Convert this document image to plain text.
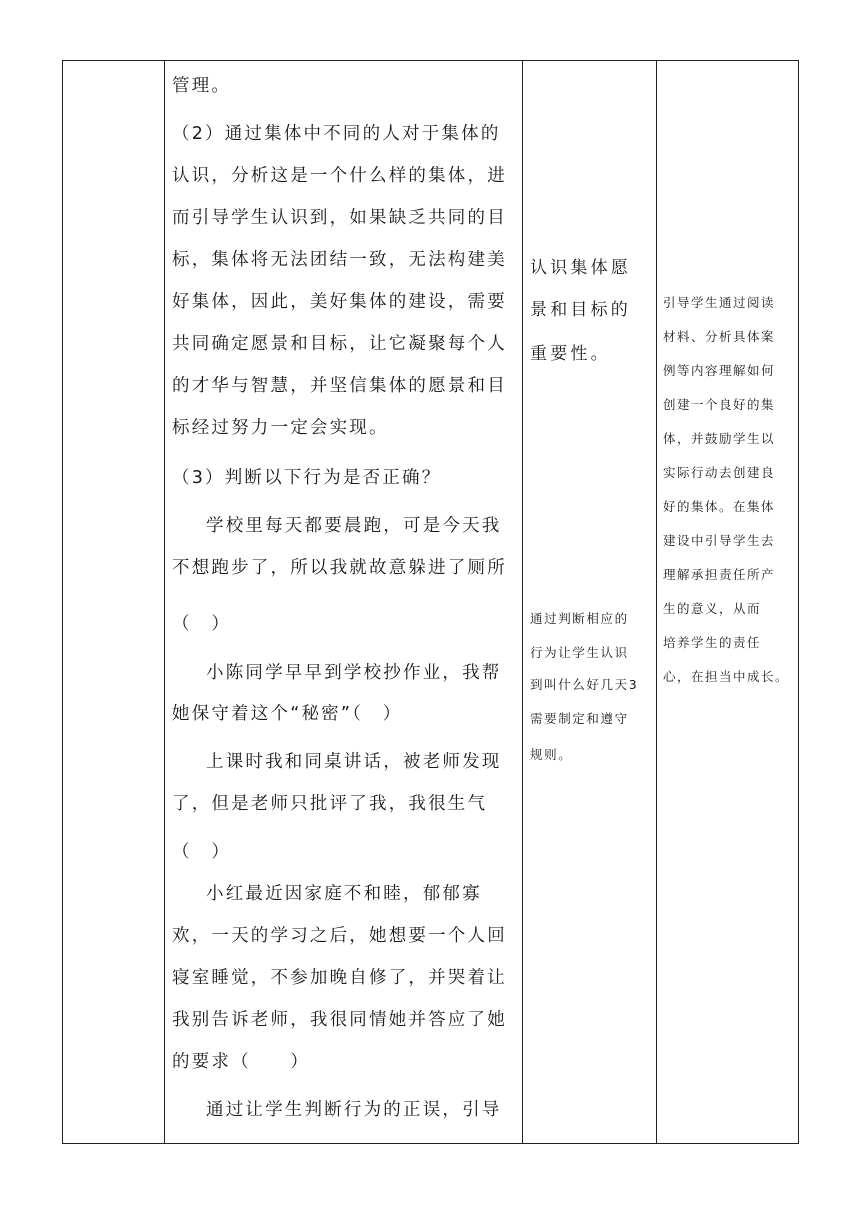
管理。
（2）通过集体中不同的人对于集体的
认识，分析这是一个什么样的集体，进
而引导学生认识到，如果缺乏共同的目
标，集体将无法团结一致，无法构建美
好集体，因此，美好集体的建设，需要
共同确定愿景和目标，让它凝聚每个人
的才华与智慧，并坚信集体的愿景和目
标经过努力一定会实现。
（3）判断以下行为是否正确？
学校里每天都要晨跑，可是今天我
不想跑步了，所以我就故意躲进了厕所
（　）
小陈同学早早到学校抄作业，我帮
她保守着这个“秘密”（　）
上课时我和同桌讲话，被老师发现
了，但是老师只批评了我，我很生气
（　）
小红最近因家庭不和睦，郁郁寡
欢，一天的学习之后，她想要一个人回
寝室睡觉，不参加晚自修了，并哭着让
我别告诉老师，我很同情她并答应了她
的要求（　　）
通过让学生判断行为的正误，引导
认识集体愿
景和目标的
重要性。
通过判断相应的
行为让学生认识
到叫什么好几天3
需要制定和遵守
规则。
引导学生通过阅读
材料、分析具体案
例等内容理解如何
创建一个良好的集
体，并鼓励学生以
实际行动去创建良
好的集体。在集体
建设中引导学生去
理解承担责任所产
生的意义，从而
培养学生的责任
心，在担当中成长。
